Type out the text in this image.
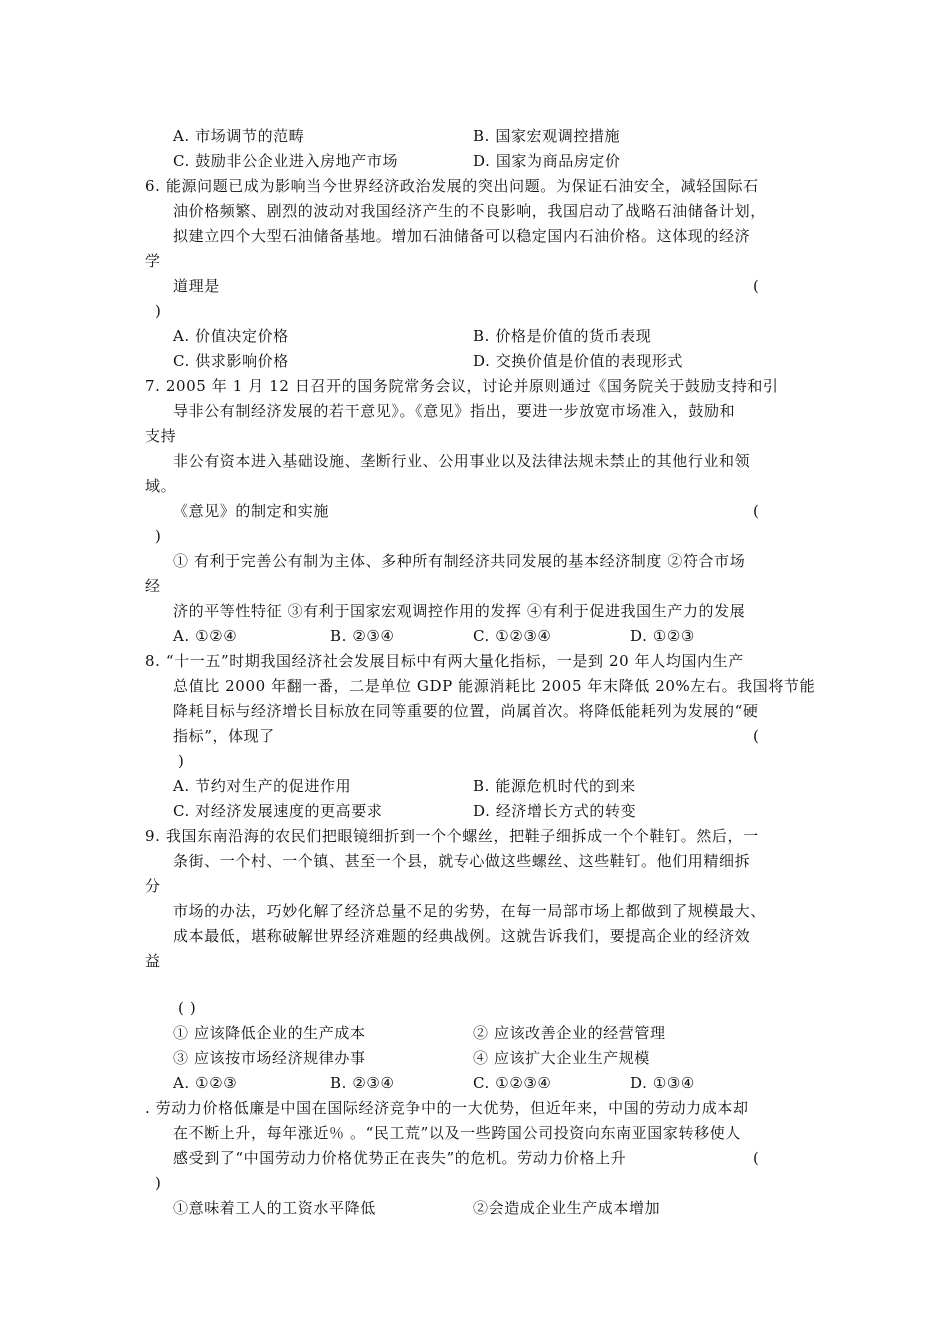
A. 市场调节的范畴	B. 国家宏观调控措施
C. 鼓励非公企业进入房地产市场	D. 国家为商品房定价
6. 能源问题已成为影响当今世界经济政治发展的突出问题。为保证石油安全，减轻国际石
油价格频繁、剧烈的波动对我国经济产生的不良影响，我国启动了战略石油储备计划，
拟建立四个大型石油储备基地。增加石油储备可以稳定国内石油价格。这体现的经济
学
道理是	(
)
A. 价值决定价格	B. 价格是价值的货币表现
C. 供求影响价格	D. 交换价值是价值的表现形式
7. 2005 年 1 月 12 日召开的国务院常务会议，讨论并原则通过《国务院关于鼓励支持和引
导非公有制经济发展的若干意见》。《意见》指出，要进一步放宽市场准入，鼓励和
支持
非公有资本进入基础设施、垄断行业、公用事业以及法律法规未禁止的其他行业和领
域。
《意见》的制定和实施	(
)
① 有利于完善公有制为主体、多种所有制经济共同发展的基本经济制度 ②符合市场
经
济的平等性特征 ③有利于国家宏观调控作用的发挥 ④有利于促进我国生产力的发展
A. ①②④	B. ②③④	C. ①②③④	D. ①②③
8. “十一五”时期我国经济社会发展目标中有两大量化指标，一是到 20 年人均国内生产
总值比 2000 年翻一番，二是单位 GDP 能源消耗比 2005 年末降低 20%左右。我国将节能
降耗目标与经济增长目标放在同等重要的位置，尚属首次。将降低能耗列为发展的“硬
指标”，体现了	(
)
A. 节约对生产的促进作用	B. 能源危机时代的到来
C. 对经济发展速度的更高要求	D. 经济增长方式的转变
9. 我国东南沿海的农民们把眼镜细折到一个个螺丝，把鞋子细拆成一个个鞋钉。然后，一
条街、一个村、一个镇、甚至一个县，就专心做这些螺丝、这些鞋钉。他们用精细拆
分
市场的办法，巧妙化解了经济总量不足的劣势，在每一局部市场上都做到了规模最大、
成本最低，堪称破解世界经济难题的经典战例。这就告诉我们，要提高企业的经济效
益
( )
① 应该降低企业的生产成本	② 应该改善企业的经营管理
③ 应该按市场经济规律办事	④ 应该扩大企业生产规模
A. ①②③	B. ②③④	C. ①②③④	D. ①③④
. 劳动力价格低廉是中国在国际经济竞争中的一大优势，但近年来，中国的劳动力成本却
在不断上升，每年涨近％ 。“民工荒”以及一些跨国公司投资向东南亚国家转移使人
感受到了“中国劳动力价格优势正在丧失”的危机。劳动力价格上升	(
)
①意味着工人的工资水平降低	②会造成企业生产成本增加
